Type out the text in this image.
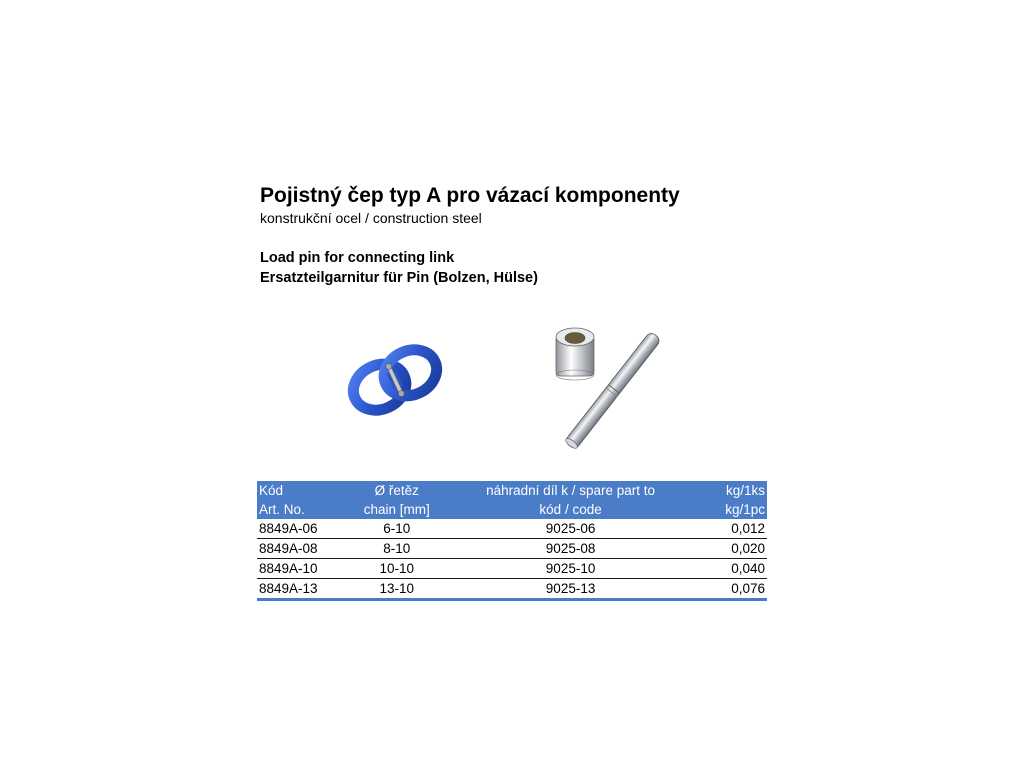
Pojistný čep typ A pro vázací komponenty
konstrukční ocel / construction steel
Load pin for connecting link
Ersatzteilgarnitur für Pin (Bolzen, Hülse)
Kód	Ø řetěz	náhradní díl k / spare part to	kg/1ks
Art. No.	chain [mm]	kód / code	kg/1pc
8849A-06	6-10	9025-06	0,012
8849A-08	8-10	9025-08	0,020
8849A-10	10-10	9025-10	0,040
8849A-13	13-10	9025-13	0,076
